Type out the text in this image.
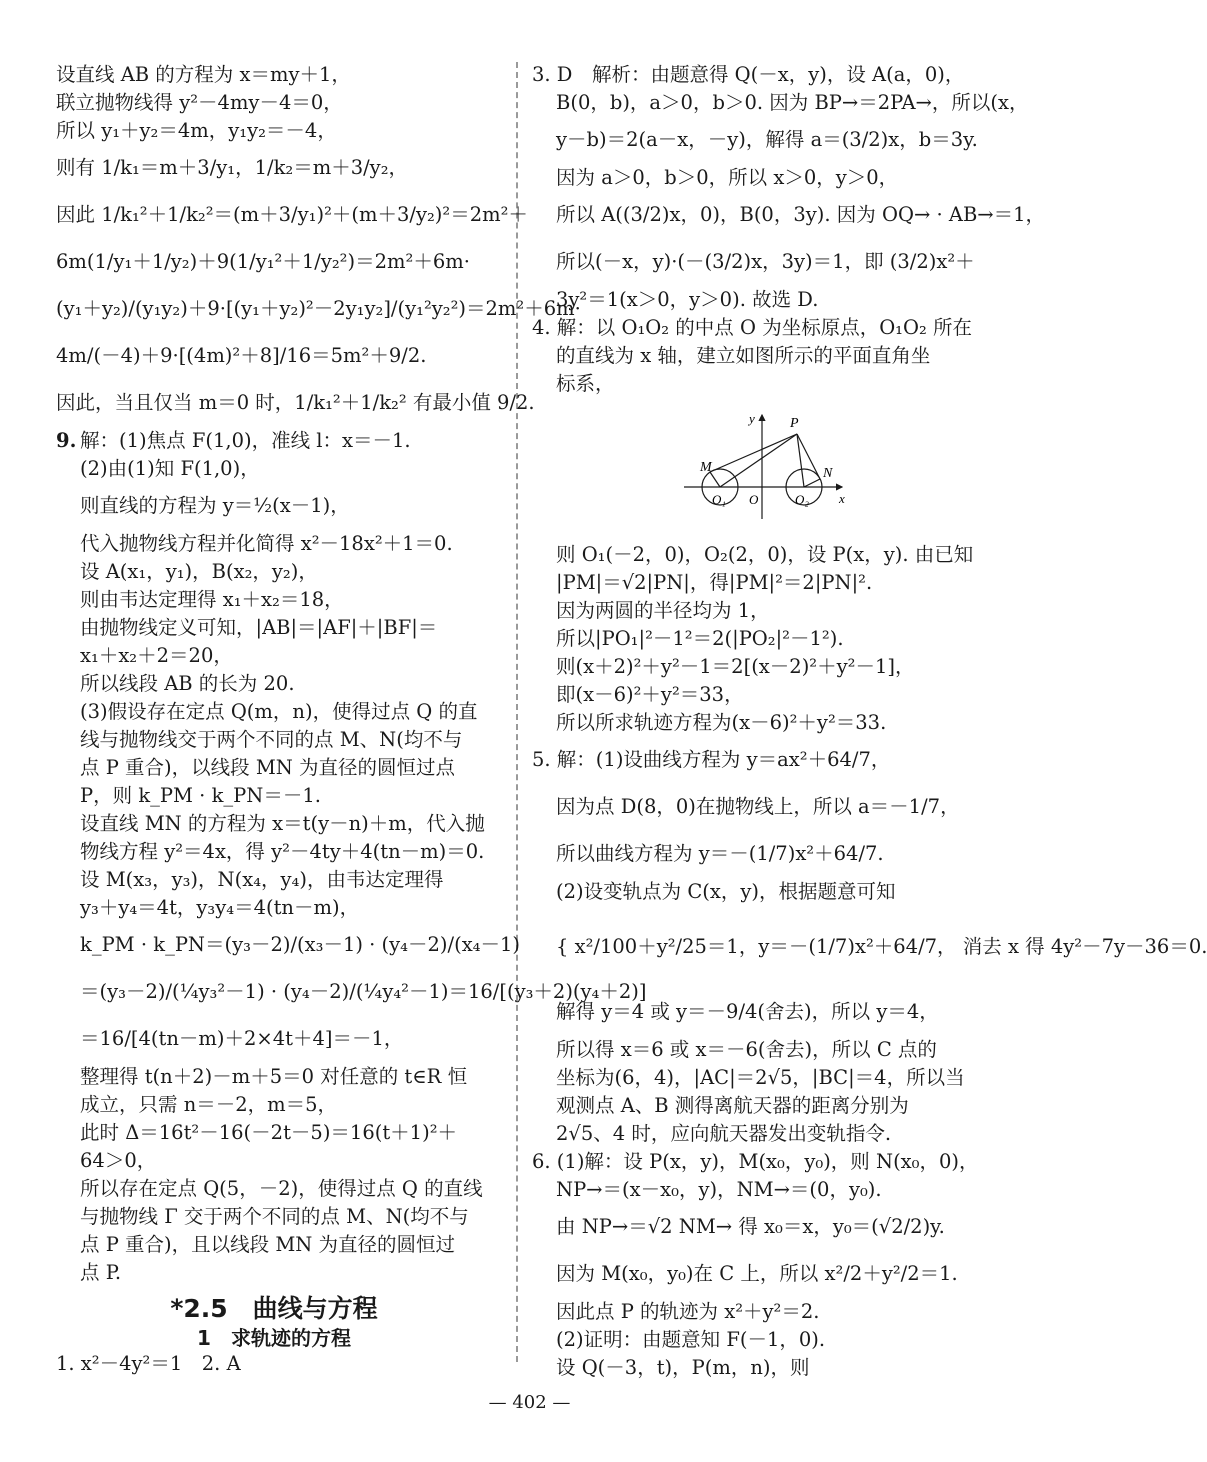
设直线 AB 的方程为 x＝my＋1，
联立抛物线得 y²－4my－4＝0，
所以 y₁＋y₂＝4m，y₁y₂＝－4，
则有 1/k₁＝m＋3/y₁，1/k₂＝m＋3/y₂，
因此 1/k₁²＋1/k₂²＝(m＋3/y₁)²＋(m＋3/y₂)²＝2m²＋
6m(1/y₁＋1/y₂)＋9(1/y₁²＋1/y₂²)＝2m²＋6m·
(y₁＋y₂)/(y₁y₂)＋9·[(y₁＋y₂)²－2y₁y₂]/(y₁²y₂²)＝2m²＋6m·
4m/(－4)＋9·[(4m)²＋8]/16＝5m²＋9/2.
因此，当且仅当 m＝0 时，1/k₁²＋1/k₂² 有最小值 9/2.
9. 解：(1)焦点 F(1,0)，准线 l：x＝－1.
(2)由(1)知 F(1,0)，
则直线的方程为 y＝½(x－1)，
代入抛物线方程并化简得 x²－18x²＋1＝0.
设 A(x₁，y₁)，B(x₂，y₂)，
则由韦达定理得 x₁＋x₂＝18，
由抛物线定义可知，|AB|＝|AF|＋|BF|＝
x₁＋x₂＋2＝20，
所以线段 AB 的长为 20.
(3)假设存在定点 Q(m，n)，使得过点 Q 的直
线与抛物线交于两个不同的点 M、N(均不与
点 P 重合)，以线段 MN 为直径的圆恒过点
P，则 k_PM · k_PN＝－1.
设直线 MN 的方程为 x＝t(y－n)＋m，代入抛
物线方程 y²＝4x，得 y²－4ty＋4(tn－m)＝0.
设 M(x₃，y₃)，N(x₄，y₄)，由韦达定理得
y₃＋y₄＝4t，y₃y₄＝4(tn－m)，
k_PM · k_PN＝(y₃－2)/(x₃－1) · (y₄－2)/(x₄－1)
＝(y₃－2)/(¼y₃²－1) · (y₄－2)/(¼y₄²－1)＝16/[(y₃＋2)(y₄＋2)]
＝16/[4(tn－m)＋2×4t＋4]＝－1，
整理得 t(n＋2)－m＋5＝0 对任意的 t∈R 恒
成立，只需 n＝－2，m＝5，
此时 Δ＝16t²－16(－2t－5)＝16(t＋1)²＋
64＞0，
所以存在定点 Q(5，－2)，使得过点 Q 的直线
与抛物线 Γ 交于两个不同的点 M、N(均不与
点 P 重合)，且以线段 MN 为直径的圆恒过
点 P.
*2.5　曲线与方程
1　求轨迹的方程
1. x²－4y²＝1　2. A
3. D　解析：由题意得 Q(－x，y)，设 A(a，0)，
B(0，b)，a＞0，b＞0. 因为 BP→＝2PA→，所以(x，
y－b)＝2(a－x，－y)，解得 a＝(3/2)x，b＝3y.
因为 a＞0，b＞0，所以 x＞0，y＞0，
所以 A((3/2)x，0)，B(0，3y). 因为 OQ→ · AB→＝1，
所以(－x，y)·(－(3/2)x，3y)＝1，即 (3/2)x²＋
3y²＝1(x＞0，y＞0). 故选 D.
4. 解：以 O₁O₂ 的中点 O 为坐标原点，O₁O₂ 所在
的直线为 x 轴，建立如图所示的平面直角坐
标系，
y
x
P
M	N
O₁ O	O₂
则 O₁(－2，0)，O₂(2，0)，设 P(x，y). 由已知
|PM|＝√2|PN|，得|PM|²＝2|PN|².
因为两圆的半径均为 1，
所以|PO₁|²－1²＝2(|PO₂|²－1²).
则(x＋2)²＋y²－1＝2[(x－2)²＋y²－1]，
即(x－6)²＋y²＝33，
所以所求轨迹方程为(x－6)²＋y²＝33.
5. 解：(1)设曲线方程为 y＝ax²＋64/7，
因为点 D(8，0)在抛物线上，所以 a＝－1/7，
所以曲线方程为 y＝－(1/7)x²＋64/7.
(2)设变轨点为 C(x，y)，根据题意可知
{ x²/100＋y²/25＝1，y＝－(1/7)x²＋64/7， 消去 x 得 4y²－7y－36＝0.
解得 y＝4 或 y＝－9/4(舍去)，所以 y＝4，
所以得 x＝6 或 x＝－6(舍去)，所以 C 点的
坐标为(6，4)，|AC|＝2√5，|BC|＝4，所以当
观测点 A、B 测得离航天器的距离分别为
2√5、4 时，应向航天器发出变轨指令.
6. (1)解：设 P(x，y)，M(x₀，y₀)，则 N(x₀，0)，
NP→＝(x－x₀，y)，NM→＝(0，y₀).
由 NP→＝√2 NM→ 得 x₀＝x，y₀＝(√2/2)y.
因为 M(x₀，y₀)在 C 上，所以 x²/2＋y²/2＝1.
因此点 P 的轨迹为 x²＋y²＝2.
(2)证明：由题意知 F(－1，0).
设 Q(－3，t)，P(m，n)，则
— 402 —
